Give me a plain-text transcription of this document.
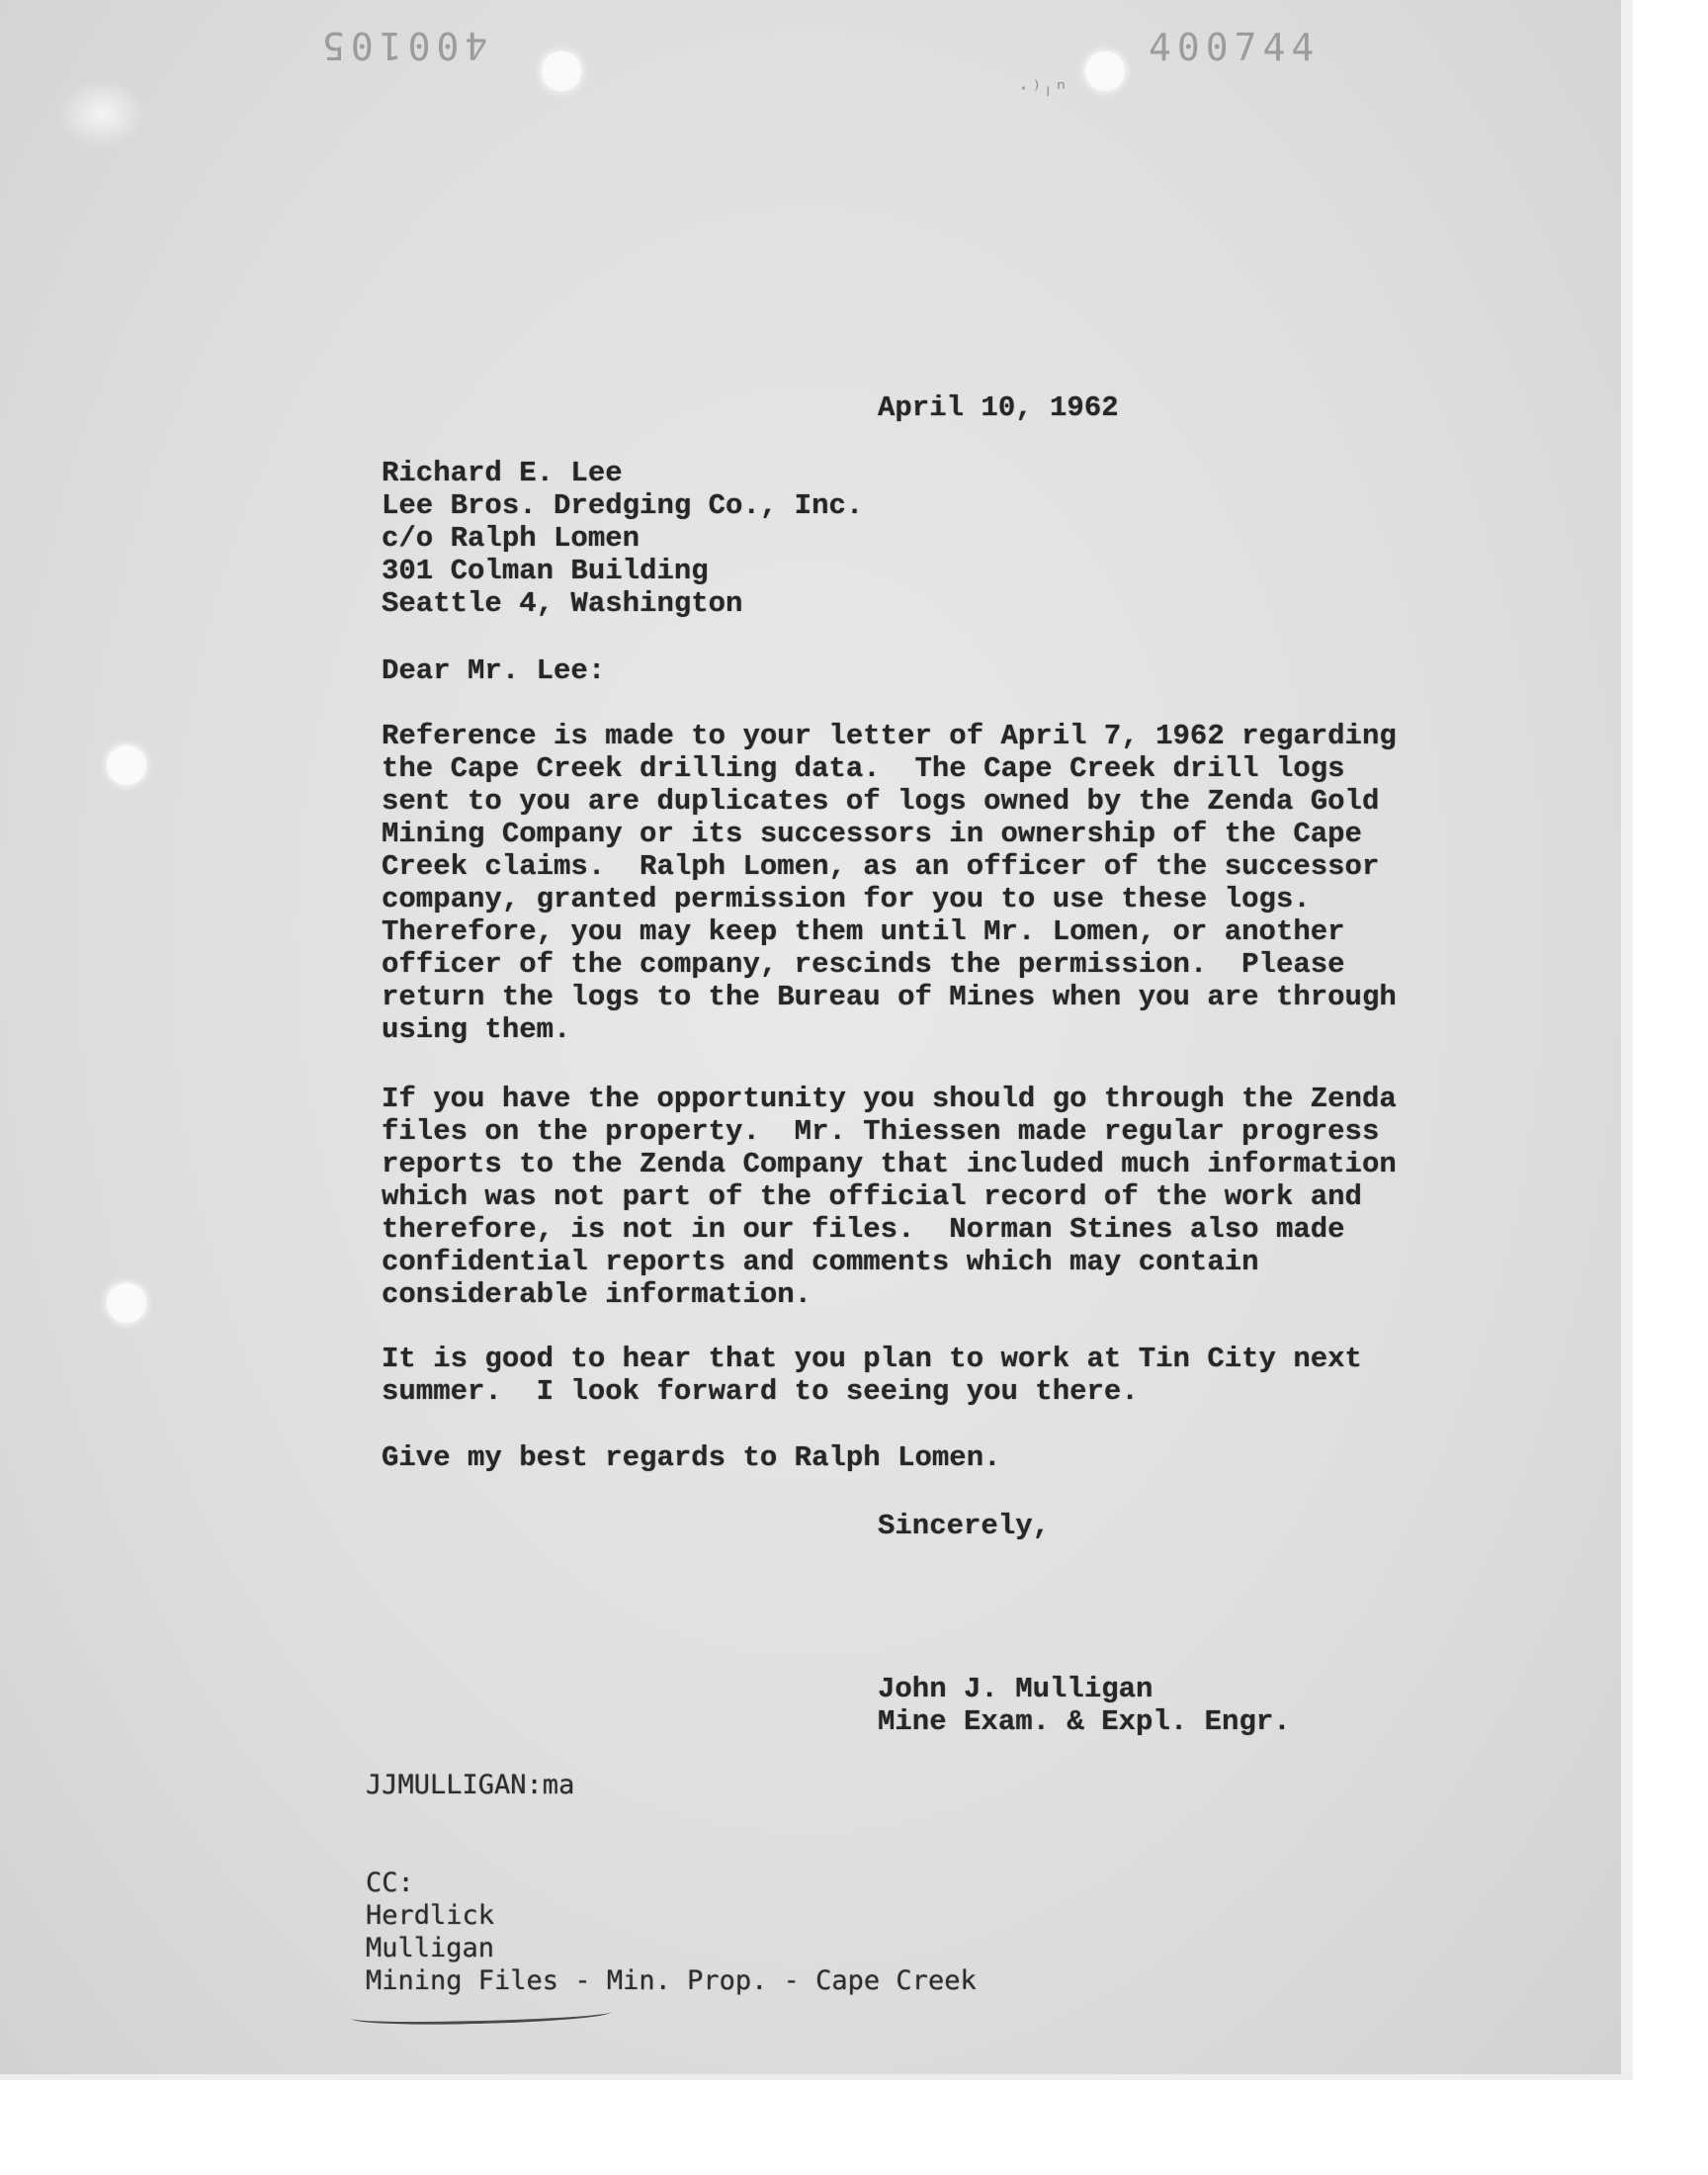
400105	400744
· ⁾ ₗ ⁿ
April 10, 1962
Richard E. Lee
Lee Bros. Dredging Co., Inc.
c/o Ralph Lomen
301 Colman Building
Seattle 4, Washington
Dear Mr. Lee:
Reference is made to your letter of April 7, 1962 regarding
the Cape Creek drilling data.  The Cape Creek drill logs
sent to you are duplicates of logs owned by the Zenda Gold
Mining Company or its successors in ownership of the Cape
Creek claims.  Ralph Lomen, as an officer of the successor
company, granted permission for you to use these logs.
Therefore, you may keep them until Mr. Lomen, or another
officer of the company, rescinds the permission.  Please
return the logs to the Bureau of Mines when you are through
using them.
If you have the opportunity you should go through the Zenda
files on the property.  Mr. Thiessen made regular progress
reports to the Zenda Company that included much information
which was not part of the official record of the work and
therefore, is not in our files.  Norman Stines also made
confidential reports and comments which may contain
considerable information.
It is good to hear that you plan to work at Tin City next
summer.  I look forward to seeing you there.
Give my best regards to Ralph Lomen.
Sincerely,
John J. Mulligan
Mine Exam. & Expl. Engr.
JJMULLIGAN:ma
CC:
Herdlick
Mulligan
Mining Files - Min. Prop. - Cape Creek
